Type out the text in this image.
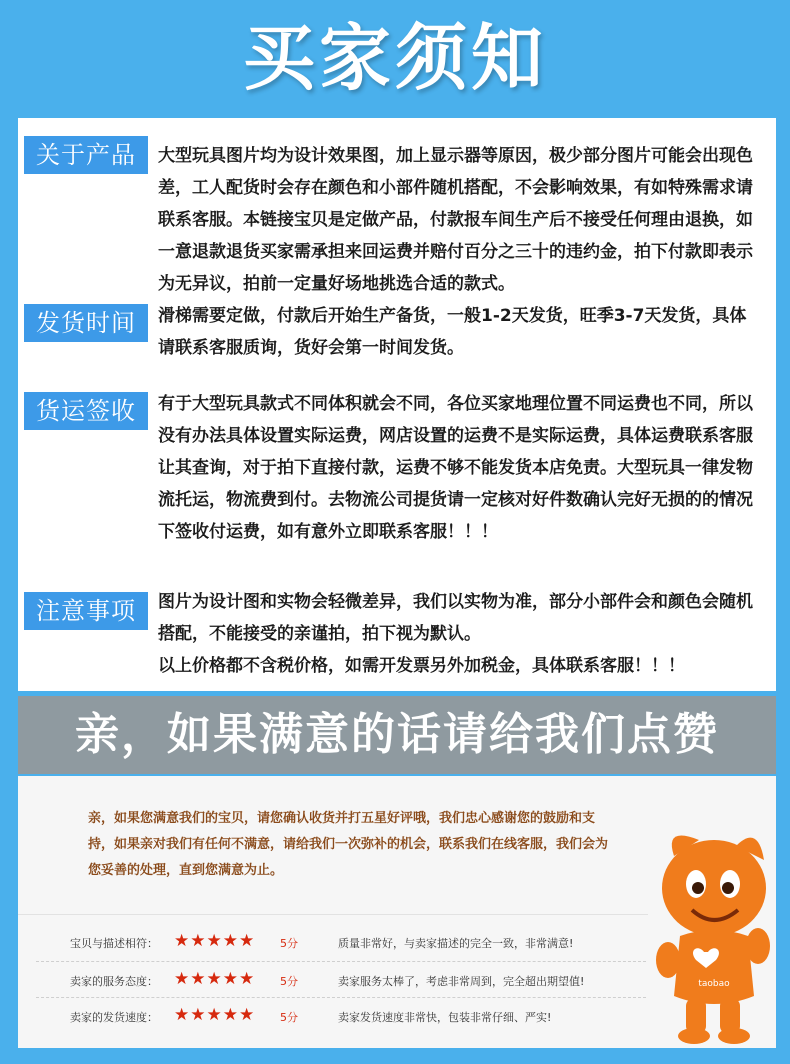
买家须知
关于产品	大型玩具图片均为设计效果图，加上显示器等原因，极少部分图片可能会出现色差，工人配货时会存在颜色和小部件随机搭配，不会影响效果，有如特殊需求请联系客服。本链接宝贝是定做产品，付款报车间生产后不接受任何理由退换，如一意退款退货买家需承担来回运费并赔付百分之三十的违约金，拍下付款即表示为无异议，拍前一定量好场地挑选合适的款式。
发货时间	滑梯需要定做，付款后开始生产备货，一般1-2天发货，旺季3-7天发货，具体请联系客服质询，货好会第一时间发货。
货运签收	有于大型玩具款式不同体积就会不同，各位买家地理位置不同运费也不同，所以没有办法具体设置实际运费，网店设置的运费不是实际运费，具体运费联系客服让其查询，对于拍下直接付款，运费不够不能发货本店免责。大型玩具一律发物流托运，物流费到付。去物流公司提货请一定核对好件数确认完好无损的的情况下签收付运费，如有意外立即联系客服！！！
注意事项	图片为设计图和实物会轻微差异，我们以实物为准，部分小部件会和颜色会随机搭配，不能接受的亲谨拍，拍下视为默认。
以上价格都不含税价格，如需开发票另外加税金，具体联系客服！！！
亲，如果满意的话请给我们点赞
亲，如果您满意我们的宝贝，请您确认收货并打五星好评哦，我们忠心感谢您的鼓励和支持，如果亲对我们有任何不满意，请给我们一次弥补的机会，联系我们在线客服，我们会为您妥善的处理，直到您满意为止。
宝贝与描述相符： ★★★★★ 5分	质量非常好，与卖家描述的完全一致，非常满意!
卖家的服务态度： ★★★★★ 5分	卖家服务太棒了，考虑非常周到，完全超出期望值!
卖家的发货速度： ★★★★★ 5分	卖家发货速度非常快，包装非常仔细、严实!
taobao
